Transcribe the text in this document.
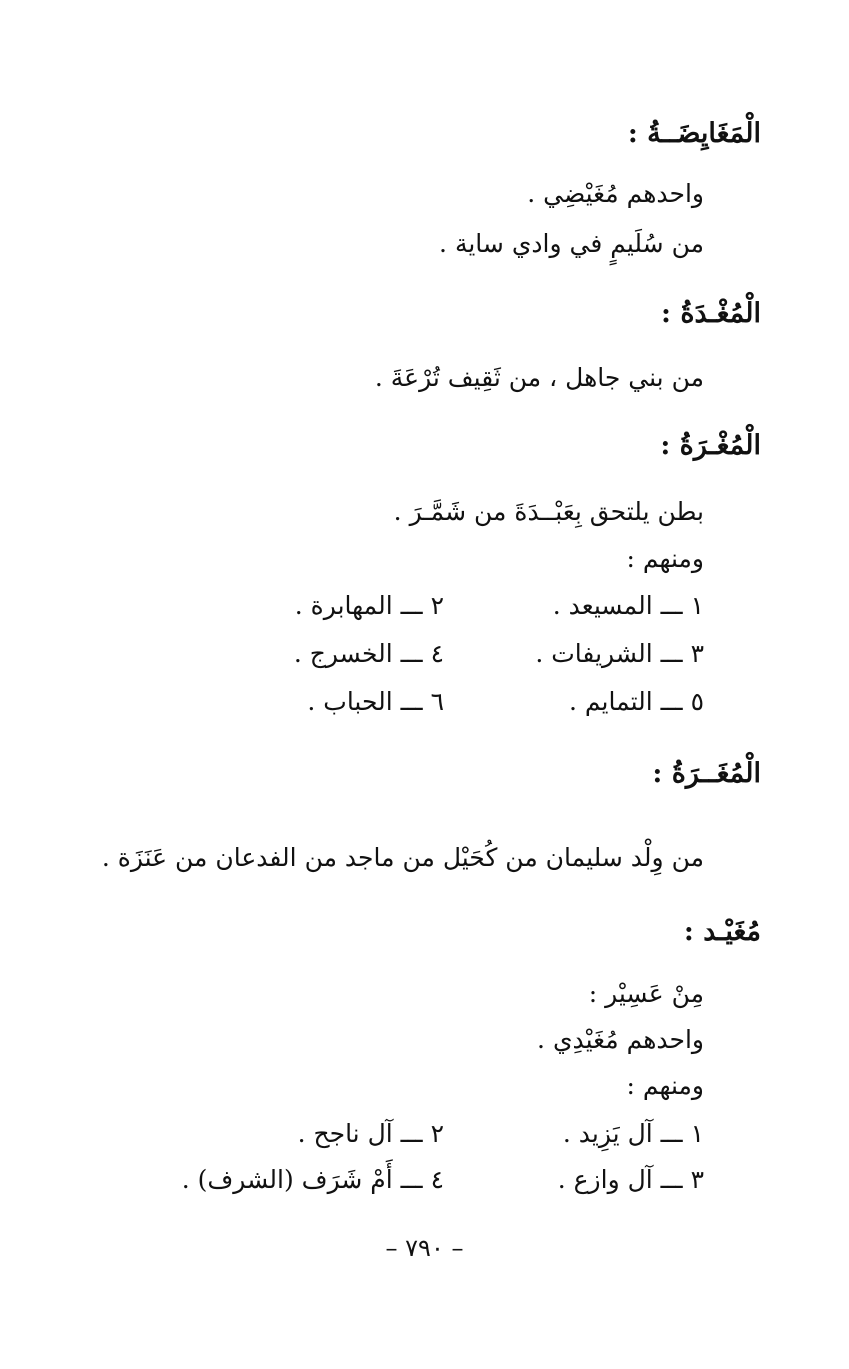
الْمَغَايِضَــةُ :
واحدهم مُغَيْضِي .
من سُلَيمٍ في وادي ساية .
الْمُغْـدَةُ :
من بني جاهل ، من ثَقِيف تُرْعَةَ .
الْمُغْـرَةُ :
بطن يلتحق بِعَبْــدَةَ من شَمَّـرَ .
ومنهم :
١ ـــ المسيعد .
٢ ـــ المهابرة .
٣ ـــ الشريفات .
٤ ـــ الخسرج .
٥ ـــ التمايم .
٦ ـــ الحباب .
الْمُغَــرَةُ :
من وِلْد سليمان من كُحَيْل من ماجد من الفدعان من عَنَزَة .
مُغَيْـد :
مِنْ عَسِيْر :
واحدهم مُغَيْدِي .
ومنهم :
١ ـــ آل يَزِيد .
٢ ـــ آل ناجح .
٣ ـــ آل وازع .
٤ ـــ أَمْ شَرَف (الشرف) .
– ٧٩٠ –
